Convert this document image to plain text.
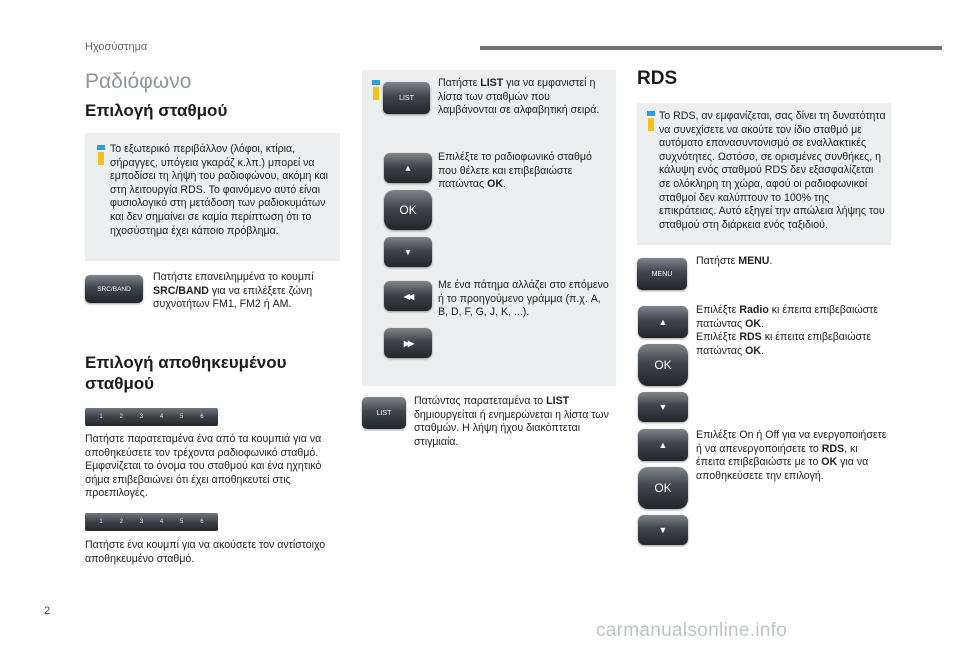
Ηχοσύστημα
Ραδιόφωνο
Επιλογή σταθμού
Το εξωτερικό περιβάλλον (λόφοι, κτίρια, σήραγγες, υπόγεια γκαράζ κ.λπ.) μπορεί να εμποδίσει τη λήψη του ραδιοφώνου, ακόμη και στη λειτουργία RDS. Το φαινόμενο αυτό είναι φυσιολογικό στη μετάδοση των ραδιοκυμάτων και δεν σημαίνει σε καμία περίπτωση ότι το ηχοσύστημα έχει κάποιο πρόβλημα.
SRC/BAND
Πατήστε επανειλημμένα το κουμπί SRC/BAND για να επιλέξετε ζώνη συχνοτήτων FM1, FM2 ή AM.
Επιλογή αποθηκευμένου σταθμού
1	2	3	4	5	6
Πατήστε παρατεταμένα ένα από τα κουμπιά για να αποθηκεύσετε τον τρέχοντα ραδιοφωνικό σταθμό. Εμφανίζεται το όνομα του σταθμού και ένα ηχητικό σήμα επιβεβαιώνει ότι έχει αποθηκευτεί στις προεπιλογές.
1	2	3	4	5	6
Πατήστε ένα κουμπί για να ακούσετε τον αντίστοιχο αποθηκευμένο σταθμό.
LIST
Πατήστε LIST για να εμφανιστεί η λίστα των σταθμών που λαμβάνονται σε αλφαβητική σειρά.
▲
OK
▼
Επιλέξτε το ραδιοφωνικό σταθμό που θέλετε και επιβεβαιώστε πατώντας OK.
◀◀
▶▶
Με ένα πάτημα αλλάζει στο επόμενο ή το προηγούμενο γράμμα (π.χ. A, B, D, F, G, J, K, ...).
LIST
Πατώντας παρατεταμένα το LIST δημιουργείται ή ενημερώνεται η λίστα των σταθμών. Η λήψη ήχου διακόπτεται στιγμιαία.
RDS
Το RDS, αν εμφανίζεται, σας δίνει τη δυνατότητα να συνεχίσετε να ακούτε τον ίδιο σταθμό με αυτόματο επανασυντονισμό σε εναλλακτικές συχνότητες. Ωστόσο, σε ορισμένες συνθήκες, η κάλυψη ενός σταθμού RDS δεν εξασφαλίζεται σε ολόκληρη τη χώρα, αφού οι ραδιοφωνικοί σταθμοί δεν καλύπτουν το 100% της επικράτειας. Αυτό εξηγεί την απώλεια λήψης του σταθμού στη διάρκεια ενός ταξιδιού.
MENU
Πατήστε MENU.
▲
OK
▼
Επιλέξτε Radio κι έπειτα επιβεβαιώστε πατώντας OK.
Επιλέξτε RDS κι έπειτα επιβεβαιώστε πατώντας OK.
▲
OK
▼
Επιλέξτε On ή Off για να ενεργοποιήσετε ή να απενεργοποιήσετε το RDS, κι έπειτα επιβεβαιώστε με το OK για να αποθηκεύσετε την επιλογή.
2
carmanualsonline.info
